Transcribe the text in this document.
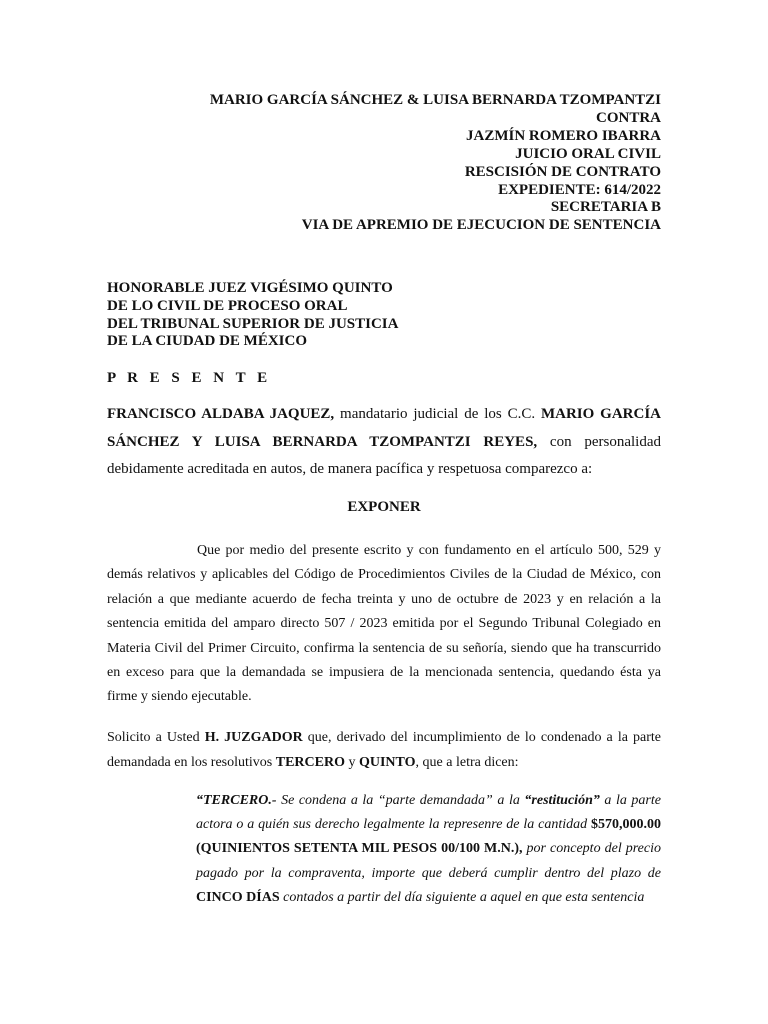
MARIO GARCÍA SÁNCHEZ & LUISA BERNARDA TZOMPANTZI
CONTRA
JAZMÍN ROMERO IBARRA
JUICIO ORAL CIVIL
RESCISIÓN DE CONTRATO
EXPEDIENTE: 614/2022
SECRETARIA B
VIA DE APREMIO DE EJECUCION DE SENTENCIA
HONORABLE JUEZ VIGÉSIMO QUINTO
DE LO CIVIL DE PROCESO ORAL
DEL TRIBUNAL SUPERIOR DE JUSTICIA
DE LA CIUDAD DE MÉXICO
P R E S E N T E

FRANCISCO ALDABA JAQUEZ, mandatario judicial de los C.C. MARIO GARCÍA SÁNCHEZ Y LUISA BERNARDA TZOMPANTZI REYES, con personalidad debidamente acreditada en autos, de manera pacífica y respetuosa comparezco a:

EXPONER

Que por medio del presente escrito y con fundamento en el artículo 500, 529 y demás relativos y aplicables del Código de Procedimientos Civiles de la Ciudad de México, con relación a que mediante acuerdo de fecha treinta y uno de octubre de 2023 y en relación a la sentencia emitida del amparo directo 507 / 2023 emitida por el Segundo Tribunal Colegiado en Materia Civil del Primer Circuito, confirma la sentencia de su señoría, siendo que ha transcurrido en exceso para que la demandada se impusiera de la mencionada sentencia, quedando ésta ya firme y siendo ejecutable.

Solicito a Usted H. JUZGADOR que, derivado del incumplimiento de lo condenado a la parte demandada en los resolutivos TERCERO y QUINTO, que a letra dicen:

“TERCERO.- Se condena a la “parte demandada” a la “restitución” a la parte actora o a quién sus derecho legalmente la represenre de la cantidad $570,000.00 (QUINIENTOS SETENTA MIL PESOS 00/100 M.N.), por concepto del precio pagado por la compraventa, importe que deberá cumplir dentro del plazo de CINCO DÍAS contados a partir del día siguiente a aquel en que esta sentencia
